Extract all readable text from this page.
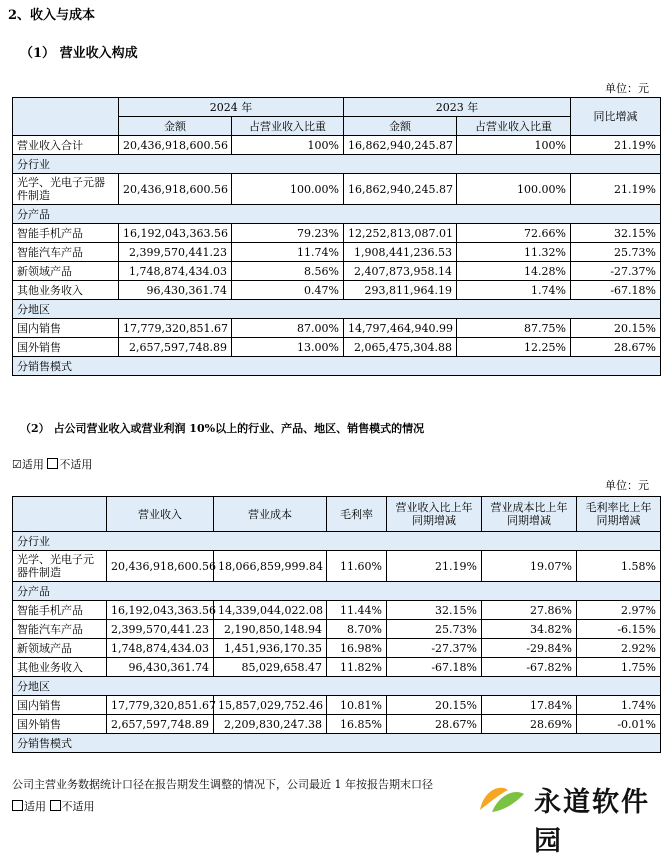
2、收入与成本
（1） 营业收入构成
单位：元
	2024 年		2023 年		同比增减
	金额	占营业收入比重	金额	占营业收入比重	
营业收入合计	20,436,918,600.56	100%	16,862,940,245.87	100%	21.19%
分行业					
光学、光电子元器件制造	20,436,918,600.56	100.00%	16,862,940,245.87	100.00%	21.19%
分产品					
智能手机产品	16,192,043,363.56	79.23%	12,252,813,087.01	72.66%	32.15%
智能汽车产品	2,399,570,441.23	11.74%	1,908,441,236.53	11.32%	25.73%
新领域产品	1,748,874,434.03	8.56%	2,407,873,958.14	14.28%	-27.37%
其他业务收入	96,430,361.74	0.47%	293,811,964.19	1.74%	-67.18%
分地区					
国内销售	17,779,320,851.67	87.00%	14,797,464,940.99	87.75%	20.15%
国外销售	2,657,597,748.89	13.00%	2,065,475,304.88	12.25%	28.67%
分销售模式					
（2） 占公司营业收入或营业利润 10%以上的行业、产品、地区、销售模式的情况
☑适用 不适用
单位：元
	营业收入	营业成本	毛利率	营业收入比上年同期增减	营业成本比上年同期增减	毛利率比上年同期增减
分行业						
光学、光电子元器件制造	20,436,918,600.56	18,066,859,999.84	11.60%	21.19%	19.07%	1.58%
分产品						
智能手机产品	16,192,043,363.56	14,339,044,022.08	11.44%	32.15%	27.86%	2.97%
智能汽车产品	2,399,570,441.23	2,190,850,148.94	8.70%	25.73%	34.82%	-6.15%
新领域产品	1,748,874,434.03	1,451,936,170.35	16.98%	-27.37%	-29.84%	2.92%
其他业务收入	96,430,361.74	85,029,658.47	11.82%	-67.18%	-67.82%	1.75%
分地区						
国内销售	17,779,320,851.67	15,857,029,752.46	10.81%	20.15%	17.84%	1.74%
国外销售	2,657,597,748.89	2,209,830,247.38	16.85%	28.67%	28.69%	-0.01%
分销售模式						
公司主营业务数据统计口径在报告期发生调整的情况下，公司最近 1 年按报告期末口径
适用 不适用	永道软件园
